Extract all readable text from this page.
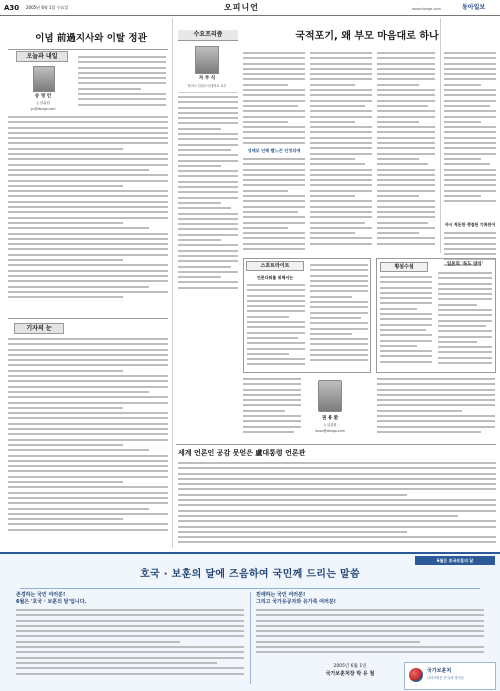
A30 2005년 6월 1일 수요일	오피니언	www.donga.com	동아일보
이념 前過지사와 이탈 정관
오늘과 내일
송 영 언
논설위원
yu@donga.com
기자의 눈
국적포기, 왜 부모 마음대로 하나
수요프리즘
자 부 식
영어시 인관교국대학교 교수
성매로 인해 빨느끈 인정뒤에
야시 적돈한 쟁점된 기록판어
스포트라이트
언론다워를 위해서는
횡설수설	일본의 '독도 양식'
권 용 환
논설위원
kwon@donga.com
세계 언론인 공감 못얻은 盧대통령 언론관
6월은 호국보훈의 달
호국 · 보훈의 달에 즈음하여 국민께 드리는 말씀
존경하는 국민 여러분!
6월은 '호국 · 보훈의 달'입니다.
친애하는 국민 여러분!
그리고 국가유공자와 유가족 여러분!
2005년 6월 1일
국가보훈처장 박 유 철	국가보훈처
나라사랑은 큰 나라 당신들
